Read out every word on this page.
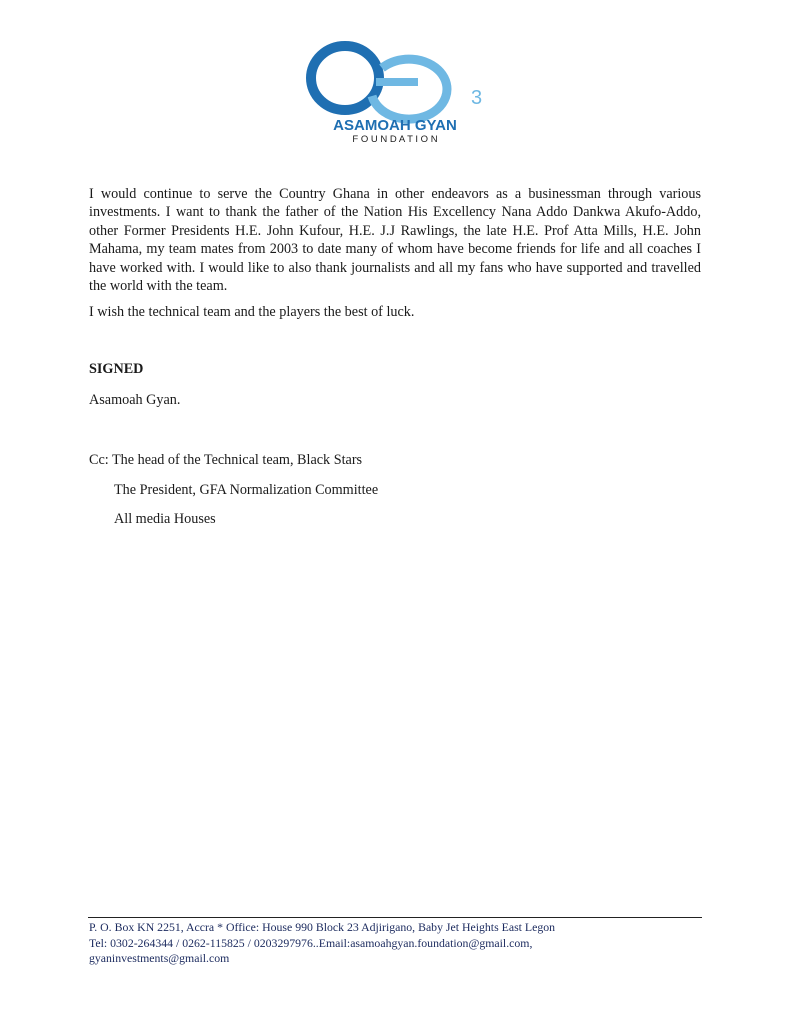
3
ASAMOAH GYAN
F O U N D A T I O N
I would continue to serve the Country Ghana in other endeavors as a businessman through various investments. I want to thank the father of the Nation His Excellency Nana Addo Dankwa Akufo-Addo, other Former Presidents H.E. John Kufour, H.E. J.J Rawlings, the late H.E. Prof Atta Mills, H.E. John Mahama, my team mates from 2003 to date many of whom have become friends for life and all coaches I have worked with. I would like to also thank journalists and all my fans who have supported and travelled the world with the team.
I wish the technical team and the players the best of luck.
SIGNED
Asamoah Gyan.
Cc: The head of the Technical team, Black Stars
The President, GFA Normalization Committee
All media Houses
P. O. Box KN 2251, Accra * Office: House 990 Block 23 Adjirigano, Baby Jet Heights East Legon
Tel: 0302-264344 / 0262-115825 / 0203297976..Email:asamoahgyan.foundation@gmail.com,
gyaninvestments@gmail.com
